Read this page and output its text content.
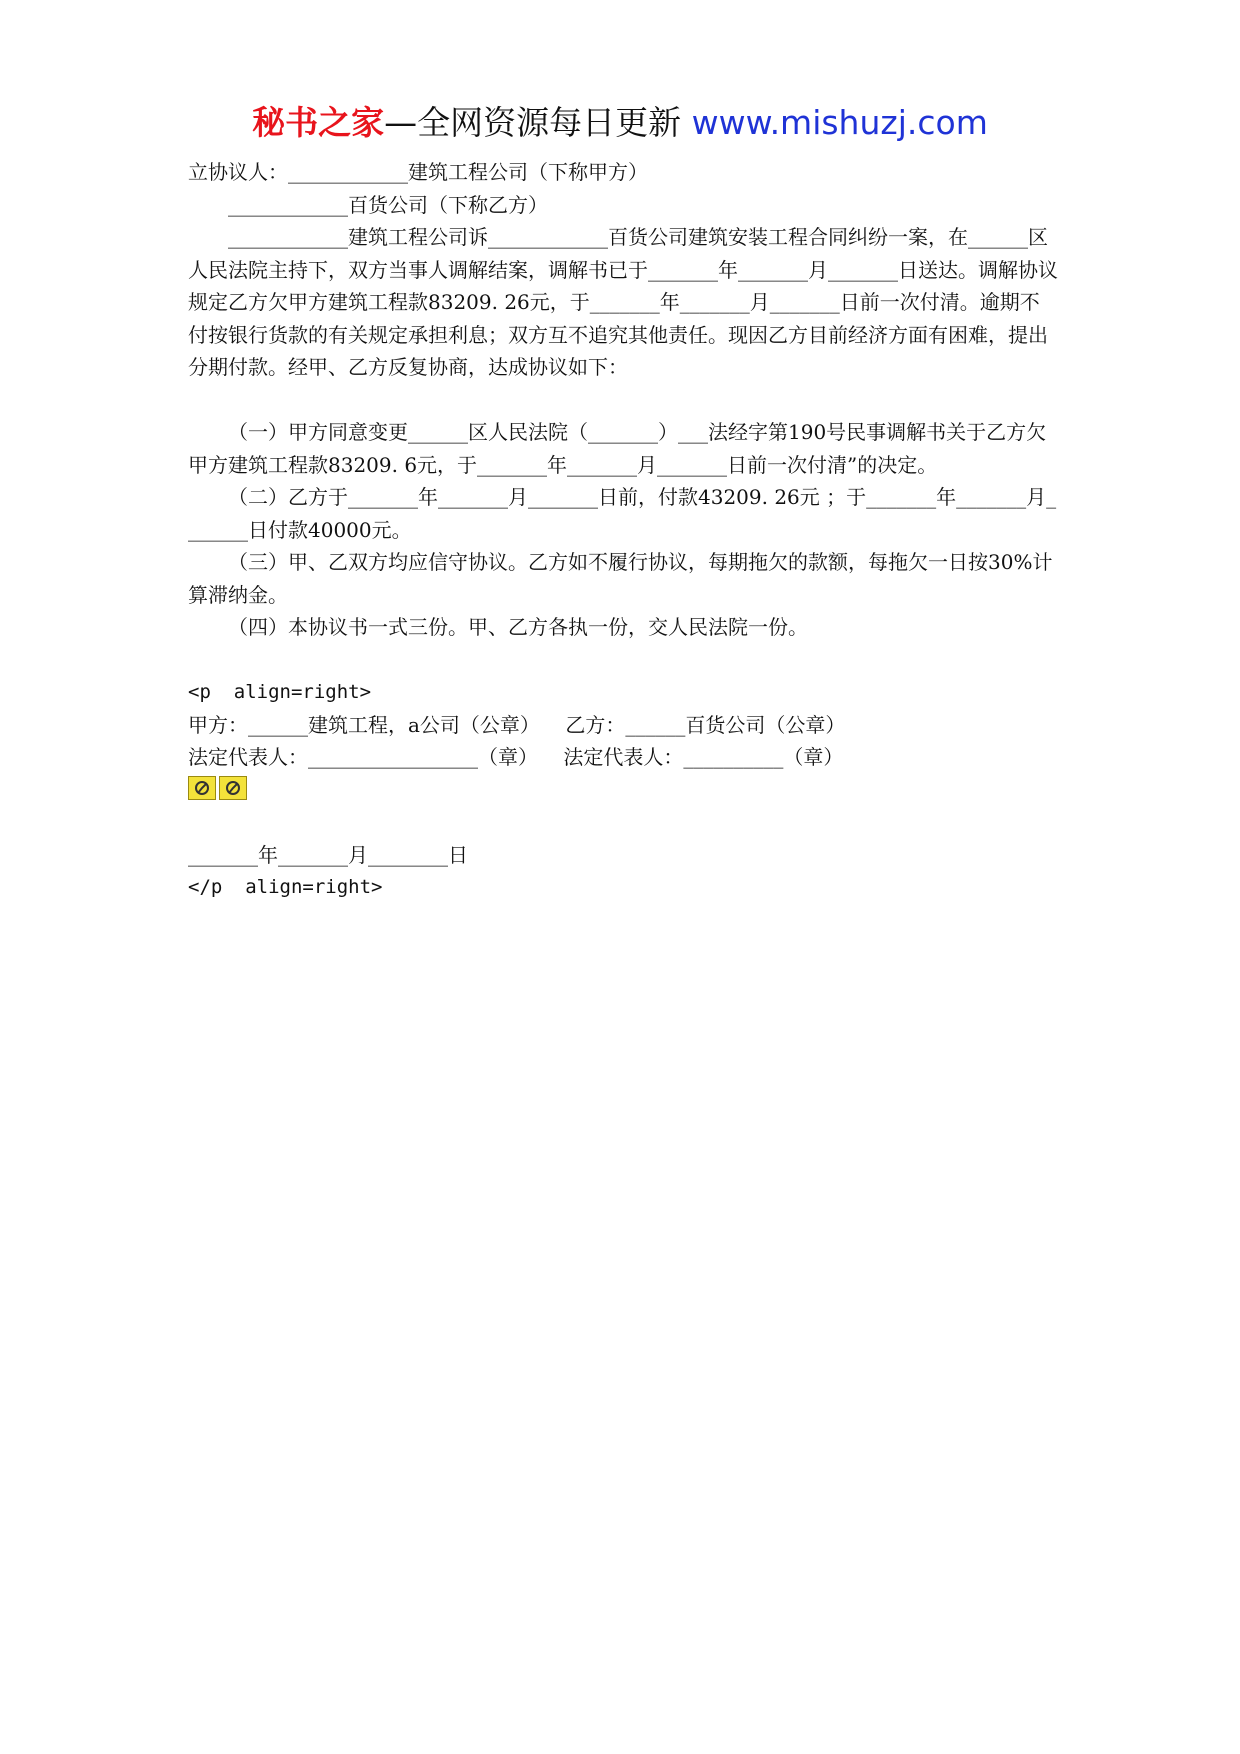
秘书之家—全网资源每日更新 www.mishuzj.com

立协议人：____________建筑工程公司（下称甲方）

____________百货公司（下称乙方）

____________建筑工程公司诉____________百货公司建筑安装工程合同纠纷一案，在______区人民法院主持下，双方当事人调解结案，调解书已于_______年_______月_______日送达。调解协议规定乙方欠甲方建筑工程款83209. 26元，于_______年_______月_______日前一次付清。逾期不付按银行货款的有关规定承担利息；双方互不追究其他责任。现因乙方目前经济方面有困难，提出分期付款。经甲、乙方反复协商，达成协议如下：

（一）甲方同意变更______区人民法院（_______）___法经字第190号民事调解书关于乙方欠甲方建筑工程款83209. 6元，于_______年_______月_______日前一次付清”的决定。

（二）乙方于_______年_______月_______日前，付款43209. 26元 ；于_______年_______月_______日付款40000元。

（三）甲、乙双方均应信守协议。乙方如不履行协议，每期拖欠的款额，每拖欠一日按30%计算滞纳金。

（四）本协议书一式三份。甲、乙方各执一份，交人民法院一份。

<p  align=right>

甲方：______建筑工程，a公司（公章）    乙方：______百货公司（公章）

法定代表人：_________________（章）    法定代表人：__________（章）

_______年_______月________日

</p  align=right>
